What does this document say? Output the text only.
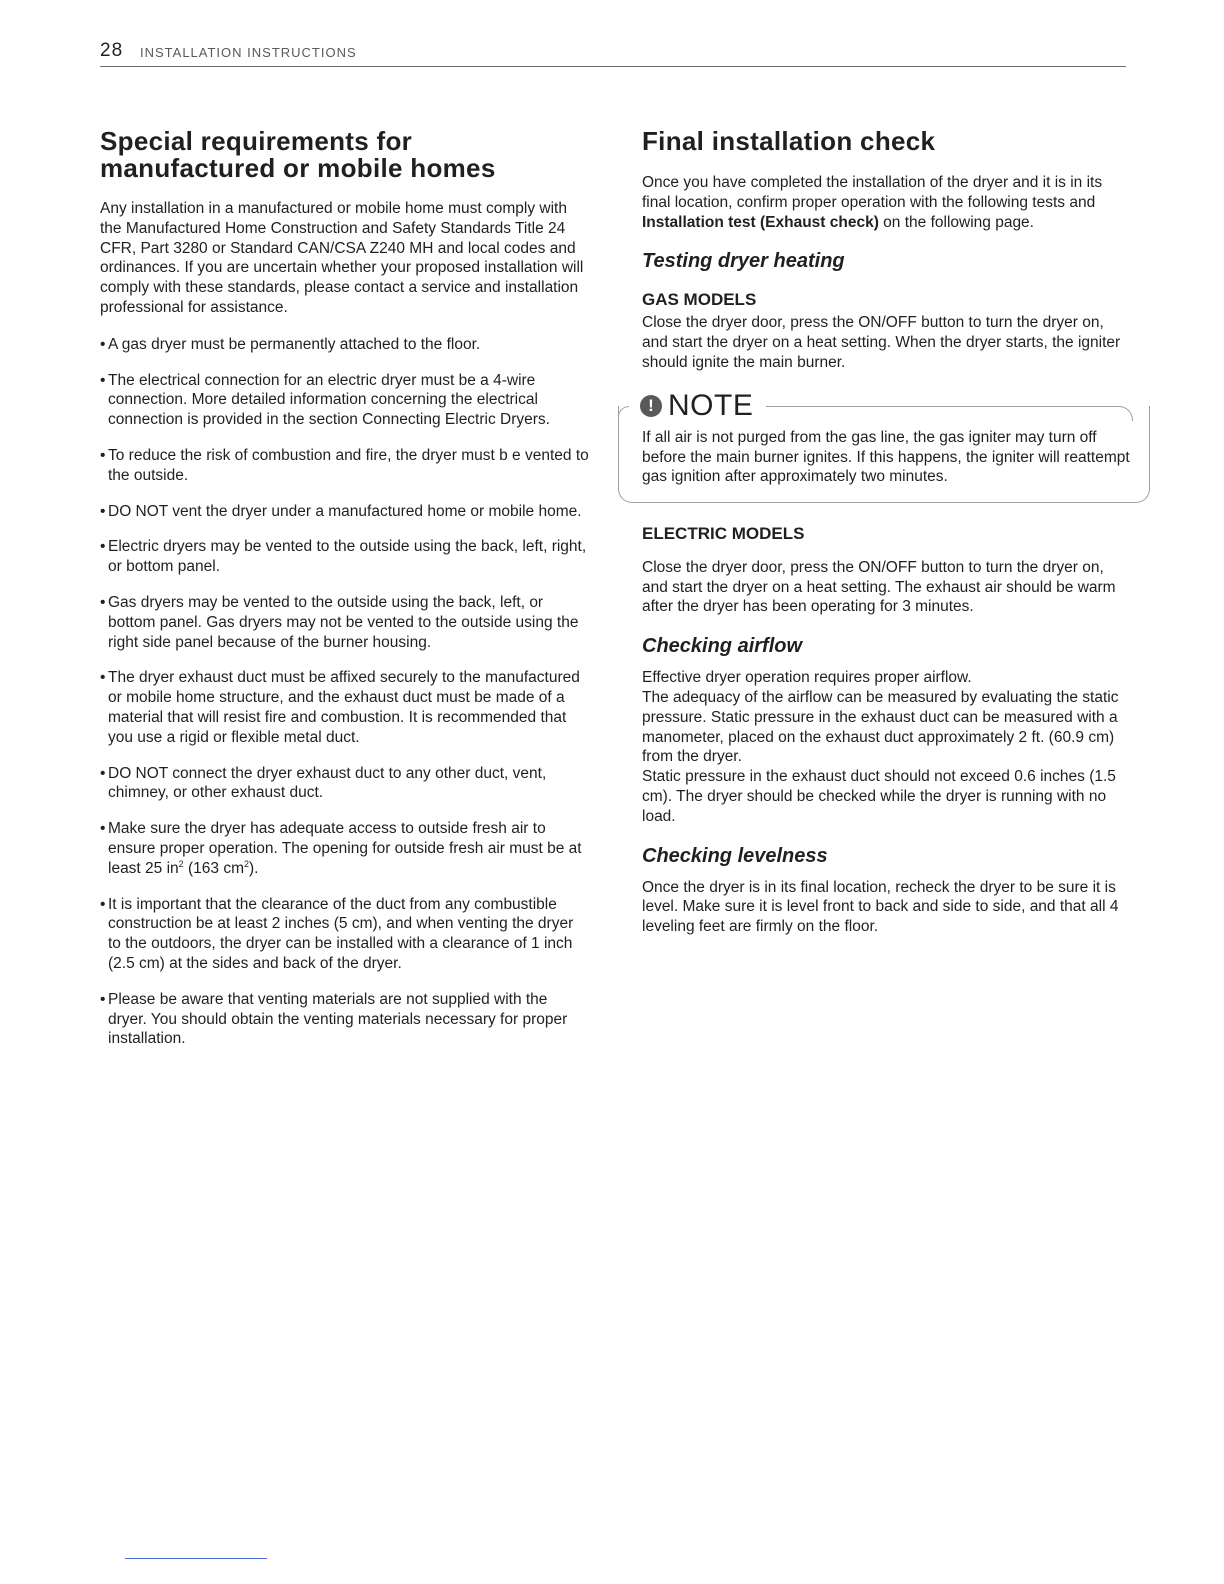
28 INSTALLATION INSTRUCTIONS
Special requirements for
manufactured or mobile homes

Any installation in a manufactured or mobile home must comply with the Manufactured Home Construction and Safety Standards Title 24 CFR, Part 3280 or Standard CAN/CSA Z240 MH and local codes and ordinances. If you are uncertain whether your proposed installation will comply with these standards, please contact a service and installation professional for assistance.

• A gas dryer must be permanently attached to the floor.
• The electrical connection for an electric dryer must be a 4-wire connection. More detailed information concerning the electrical connection is provided in the section Connecting Electric Dryers.
• To reduce the risk of combustion and fire, the dryer must b e vented to the outside.
• DO NOT vent the dryer under a manufactured home or mobile home.
• Electric dryers may be vented to the outside using the back, left, right, or bottom panel.
• Gas dryers may be vented to the outside using the back, left, or bottom panel. Gas dryers may not be vented to the outside using the right side panel because of the burner housing.
• The dryer exhaust duct must be affixed securely to the manufactured or mobile home structure, and the exhaust duct must be made of a material that will resist fire and combustion. It is recommended that you use a rigid or flexible metal duct.
• DO NOT connect the dryer exhaust duct to any other duct, vent, chimney, or other exhaust duct.
• Make sure the dryer has adequate access to outside fresh air to ensure proper operation. The opening for outside fresh air must be at least 25 $in^2$ (163 $cm^2$).
• It is important that the clearance of the duct from any combustible construction be at least 2 inches (5 cm), and when venting the dryer to the outdoors, the dryer can be installed with a clearance of 1 inch (2.5 cm) at the sides and back of the dryer.
• Please be aware that venting materials are not supplied with the dryer. You should obtain the venting materials necessary for proper installation.
Final installation check

Once you have completed the installation of the dryer and it is in its final location, confirm proper operation with the following tests and Installation test (Exhaust check) on the following page.

Testing dryer heating
GAS MODELS

Close the dryer door, press the ON/OFF button to turn the dryer on, and start the dryer on a heat setting. When the dryer starts, the igniter should ignite the main burner.

! NOTE

If all air is not purged from the gas line, the gas igniter may turn off before the main burner ignites. If this happens, the igniter will reattempt gas ignition after approximately two minutes.

ELECTRIC MODELS

Close the dryer door, press the ON/OFF button to turn the dryer on, and start the dryer on a heat setting. The exhaust air should be warm after the dryer has been operating for 3 minutes.

Checking airflow

Effective dryer operation requires proper airflow.

The adequacy of the airflow can be measured by evaluating the static pressure. Static pressure in the exhaust duct can be measured with a manometer, placed on the exhaust duct approximately 2 ft. (60.9 cm) from the dryer.

Static pressure in the exhaust duct should not exceed 0.6 inches (1.5 cm). The dryer should be checked while the dryer is running with no load.

Checking levelness

Once the dryer is in its final location, recheck the dryer to be sure it is level. Make sure it is level front to back and side to side, and that all 4 leveling feet are firmly on the floor.
